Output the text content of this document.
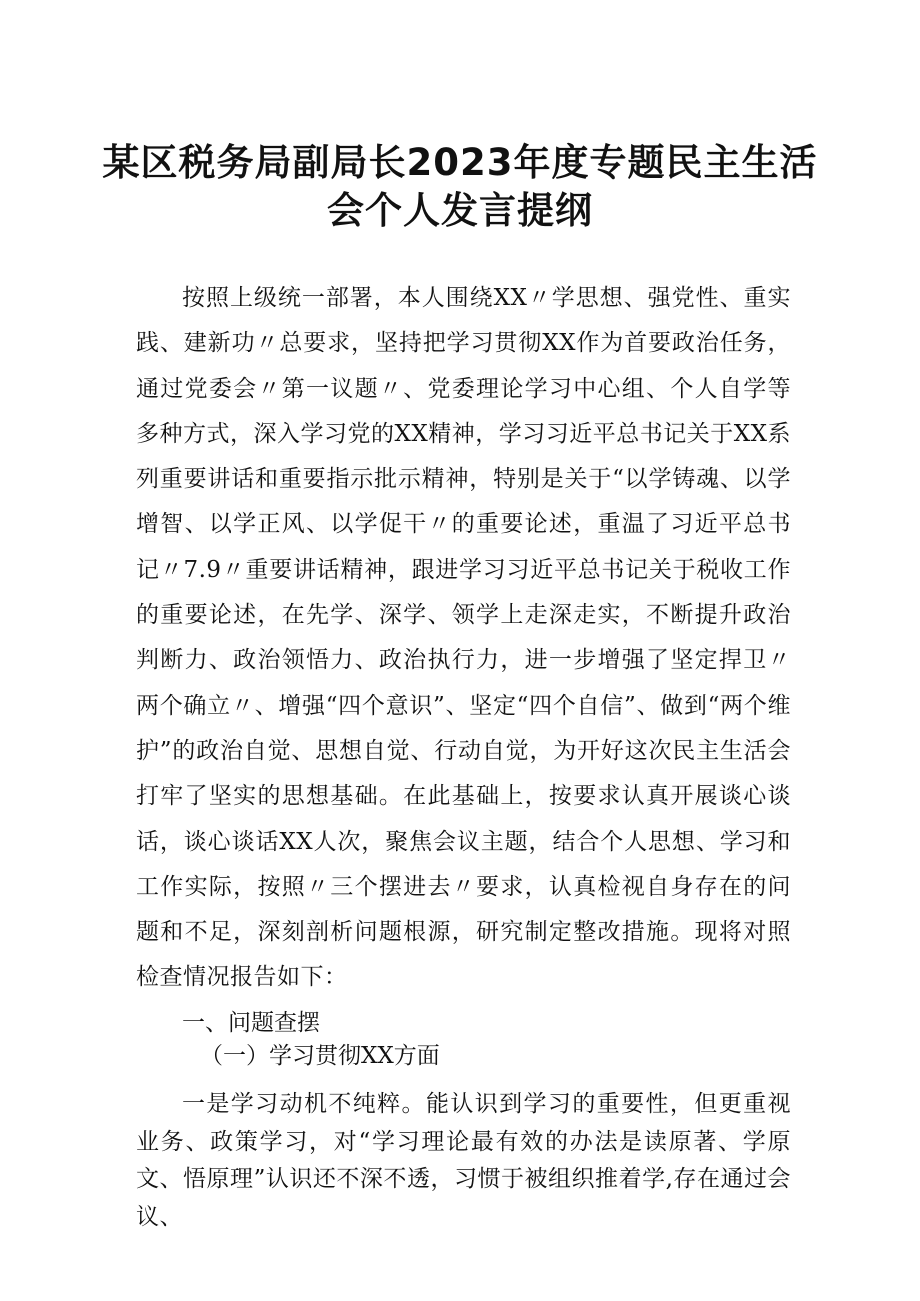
某区税务局副局长2023年度专题民主生活
会个人发言提纲

按照上级统一部署，本人围绕XX〃学思想、强党性、重实践、建新功〃总要求，坚持把学习贯彻XX作为首要政治任务，通过党委会〃第一议题〃、党委理论学习中心组、个人自学等多种方式，深入学习党的XX精神，学习习近平总书记关于XX系列重要讲话和重要指示批示精神，特别是关于“以学铸魂、以学增智、以学正风、以学促干〃的重要论述，重温了习近平总书记〃7.9〃重要讲话精神，跟进学习习近平总书记关于税收工作的重要论述，在先学、深学、领学上走深走实，不断提升政治判断力、政治领悟力、政治执行力，进一步增强了坚定捍卫〃两个确立〃、增强“四个意识”、坚定“四个自信”、做到“两个维护”的政治自觉、思想自觉、行动自觉，为开好这次民主生活会打牢了坚实的思想基础。在此基础上，按要求认真开展谈心谈话，谈心谈话XX人次，聚焦会议主题，结合个人思想、学习和工作实际，按照〃三个摆进去〃要求，认真检视自身存在的问题和不足，深刻剖析问题根源，研究制定整改措施。现将对照检查情况报告如下：

一、问题查摆

（一）学习贯彻XX方面

一是学习动机不纯粹。能认识到学习的重要性，但更重视业务、政策学习，对“学习理论最有效的办法是读原著、学原文、悟原理”认识还不深不透，习惯于被组织推着学,存在通过会议、
